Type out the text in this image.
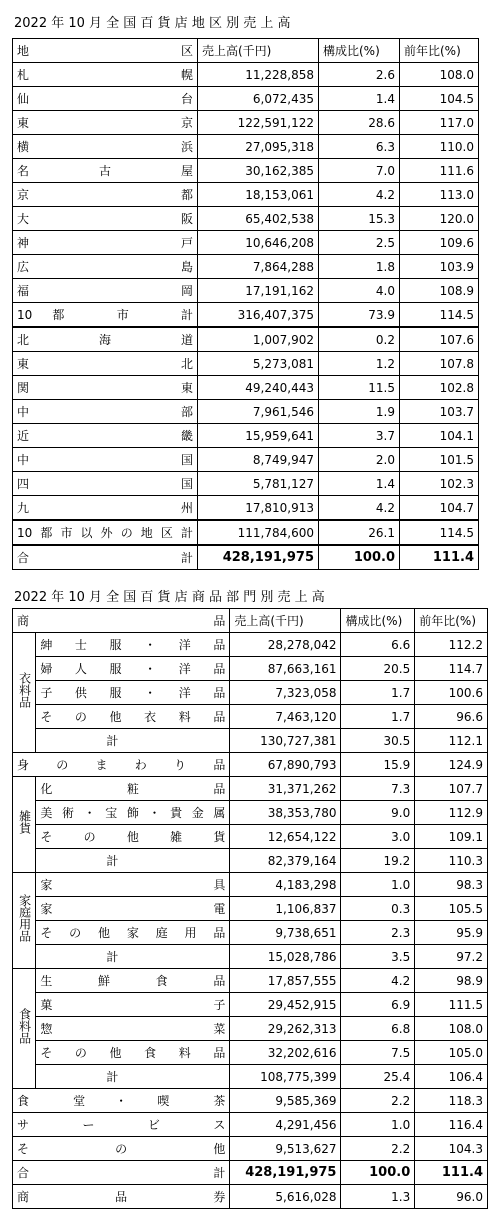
2022 年 10 月 全 国 百 貨 店 地 区 別 売 上 高
地　　　　　　　　　　区	売上高(千円)	構成比(%)	前年比(%)
札　　　　　　　　　　幌	11,228,858	2.6	108.0
仙　　　　　　　　　　台	6,072,435	1.4	104.5
東　　　　　　　　　　京	122,591,122	28.6	117.0
横　　　　　　　　　　浜	27,095,318	6.3	110.0
名　　　　古　　　　屋	30,162,385	7.0	111.6
京　　　　　　　　　　都	18,153,061	4.2	113.0
大　　　　　　　　　　阪	65,402,538	15.3	120.0
神　　　　　　　　　　戸	10,646,208	2.5	109.6
広　　　　　　　　　　島	7,864,288	1.8	103.9
福　　　　　　　　　　岡	17,191,162	4.0	108.9
10　都　　　市　　　計	316,407,375	73.9	114.5
北　　　海　　　道	1,007,902	0.2	107.6
東　　　　　　　　　　北	5,273,081	1.2	107.8
関　　　　　　　　　　東	49,240,443	11.5	102.8
中　　　　　　　　　　部	7,961,546	1.9	103.7
近　　　　　　　　　　畿	15,959,641	3.7	104.1
中　　　　　　　　　　国	8,749,947	2.0	101.5
四　　　　　　　　　　国	5,781,127	1.4	102.3
九　　　　　　　　　　州	17,810,913	4.2	104.7
10都市以外の地区計	111,784,600	26.1	114.5
合　　　　　　　　　　計	428,191,975	100.0	111.4
2022 年 10 月 全 国 百 貨 店 商 品 部 門 別 売 上 高
商　　　　　　　　　　品		売上高(千円)	構成比(%)	前年比(%)
衣料品	紳　士　服　・　洋　品	28,278,042	6.6	112.2
	婦　人　服　・　洋　品	87,663,161	20.5	114.7
	子　供　服　・　洋　品	7,323,058	1.7	100.6
	そ　の　他　衣　料　品	7,463,120	1.7	96.6
	計	130,727,381	30.5	112.1
身　の　ま　わ　り　品		67,890,793	15.9	124.9
雑貨	化　　　　粧　　　　品	31,371,262	7.3	107.7
	美術・宝飾・貴金属	38,353,780	9.0	112.9
	そ　の　他　雑　貨	12,654,122	3.0	109.1
	計	82,379,164	19.2	110.3
家庭用品	家　　　　　　　　　　具	4,183,298	1.0	98.3
	家　　　　　　　　　　電	1,106,837	0.3	105.5
	そ　の　他　家　庭　用　品	9,738,651	2.3	95.9
	計	15,028,786	3.5	97.2
食料品	生　　鮮　　食　　品	17,857,555	4.2	98.9
	菓　　　　　　　　　　子	29,452,915	6.9	111.5
	惣　　　　　　　　　　菜	29,262,313	6.8	108.0
	そ　の　他　食　料　品	32,202,616	7.5	105.0
	計	108,775,399	25.4	106.4
食　　　堂　　・　　喫　　　茶		9,585,369	2.2	118.3
サ　　ー　　ビ　　ス		4,291,456	1.0	116.4
そ　　　の　　　他		9,513,627	2.2	104.3
合　　　　　　　　　　計		428,191,975	100.0	111.4
商　　　　品　　　　券		5,616,028	1.3	96.0
